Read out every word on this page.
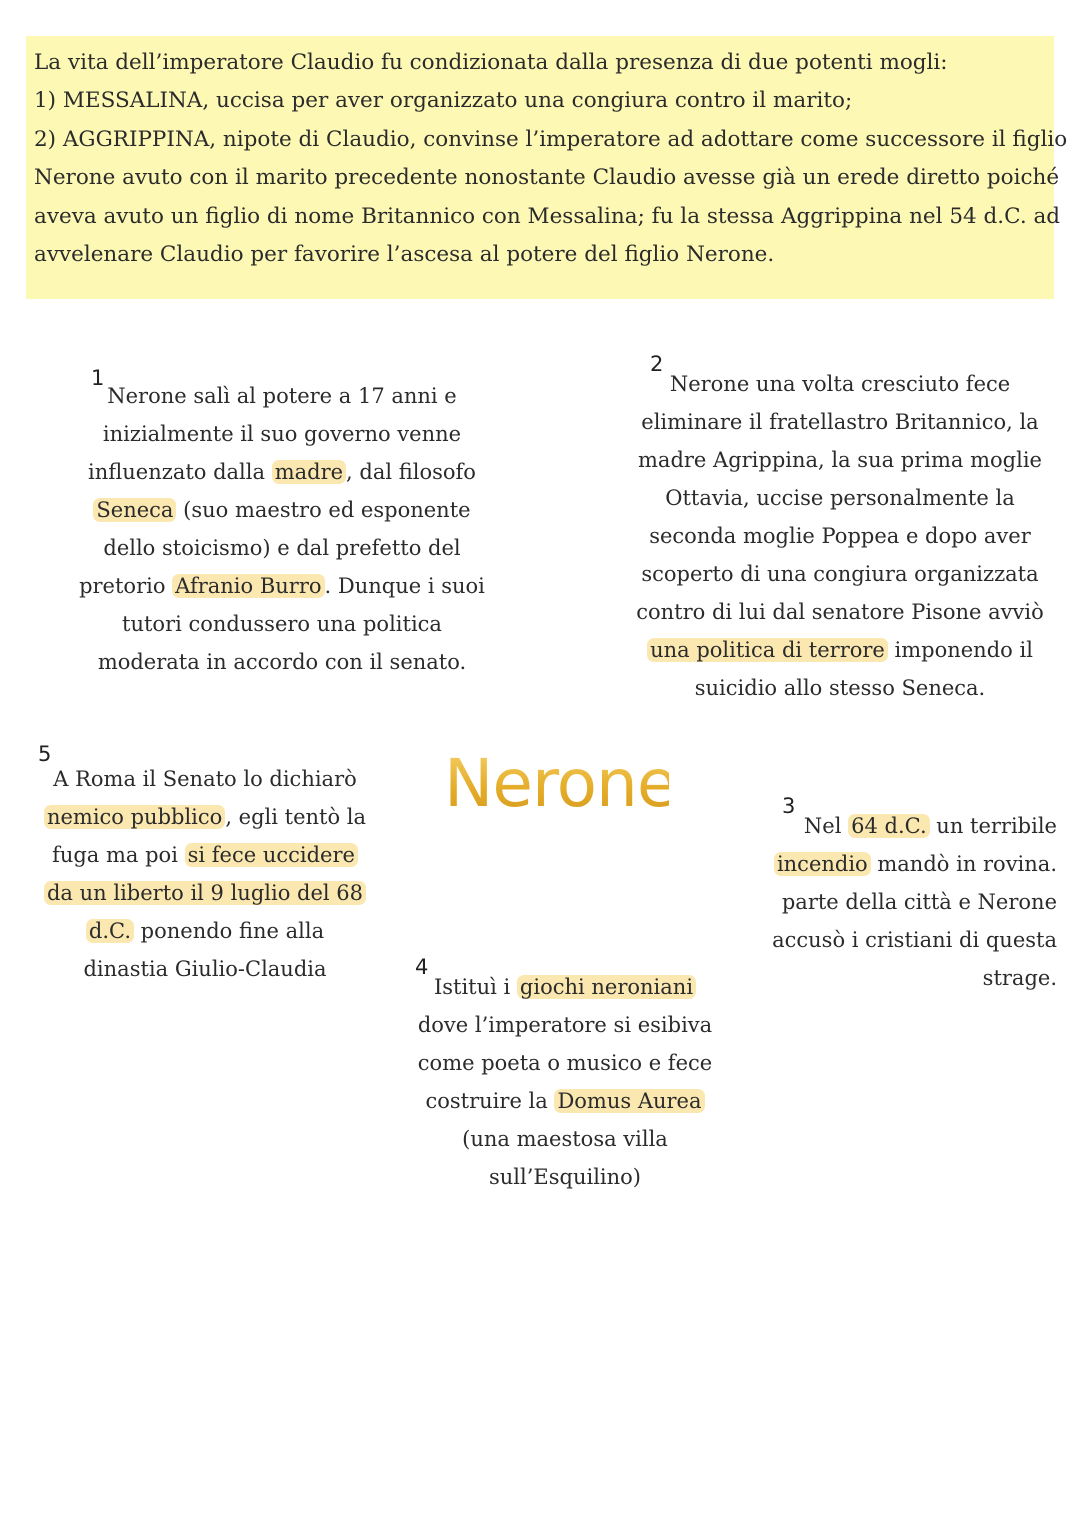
La vita dell’imperatore Claudio fu condizionata dalla presenza di due potenti mogli:

1) MESSALINA, uccisa per aver organizzato una congiura contro il marito;

2) AGGRIPPINA, nipote di Claudio, convinse l’imperatore ad adottare come successore il figlio

Nerone avuto con il marito precedente nonostante Claudio avesse già un erede diretto poiché

aveva avuto un figlio di nome Britannico con Messalina; fu la stessa Aggrippina nel 54 d.C. ad

avvelenare Claudio per favorire l’ascesa al potere del figlio Nerone.

1

Nerone salì al potere a 17 anni e

inizialmente il suo governo venne

influenzato dalla madre , dal filosofo

Seneca (suo maestro ed esponente

dello stoicismo) e dal prefetto del

pretorio Afranio Burro . Dunque i suoi

tutori condussero una politica

moderata in accordo con il senato.

2

Nerone una volta cresciuto fece

eliminare il fratellastro Britannico, la

madre Agrippina, la sua prima moglie

Ottavia, uccise personalmente la

seconda moglie Poppea e dopo aver

scoperto di una congiura organizzata

contro di lui dal senatore Pisone avviò

una politica di terrore imponendo il

suicidio allo stesso Seneca.

Nerone
5

A Roma il Senato lo dichiarò

nemico pubblico , egli tentò la

fuga ma poi si fece uccidere

da un liberto il 9 luglio del 68

d.C. ponendo fine alla

dinastia Giulio-Claudia

3

Nel 64 d.C. un terribile

incendio mandò in rovina.

parte della città e Nerone

accusò i cristiani di questa

strage.

4

Istituì i giochi neroniani

dove l’imperatore si esibiva

come poeta o musico e fece

costruire la Domus Aurea

(una maestosa villa

sull’Esquilino)
